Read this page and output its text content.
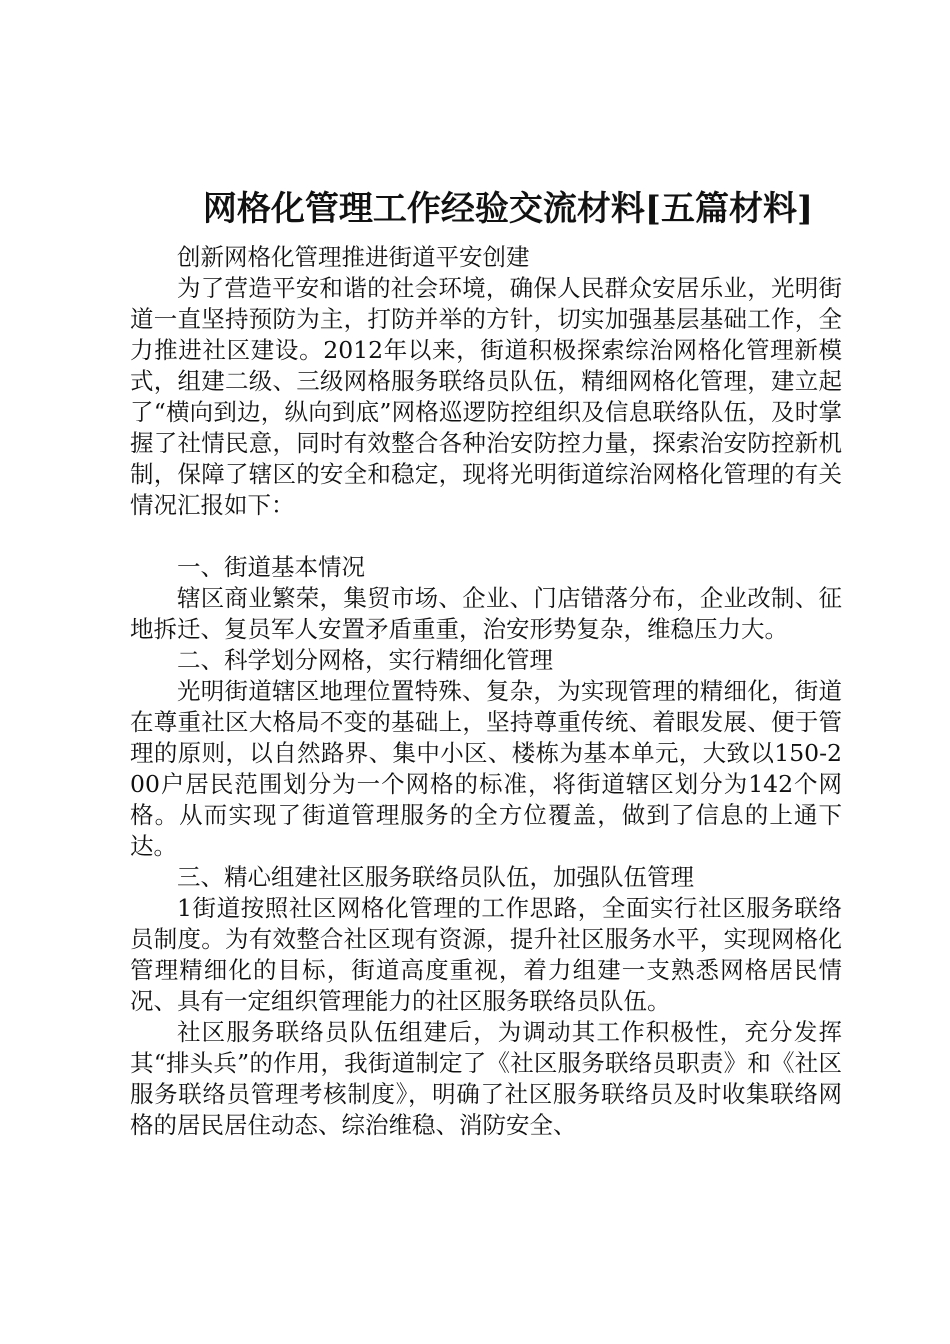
网格化管理工作经验交流材料[五篇材料]

创新网格化管理推进街道平安创建

为了营造平安和谐的社会环境，确保人民群众安居乐业，光明街道一直坚持预防为主，打防并举的方针，切实加强基层基础工作，全力推进社区建设。2012年以来，街道积极探索综治网格化管理新模式，组建二级、三级网格服务联络员队伍，精细网格化管理，建立起了“横向到边，纵向到底”网格巡逻防控组织及信息联络队伍，及时掌握了社情民意，同时有效整合各种治安防控力量，探索治安防控新机制，保障了辖区的安全和稳定，现将光明街道综治网格化管理的有关情况汇报如下：

一、街道基本情况

辖区商业繁荣，集贸市场、企业、门店错落分布，企业改制、征地拆迁、复员军人安置矛盾重重，治安形势复杂，维稳压力大。

二、科学划分网格，实行精细化管理

光明街道辖区地理位置特殊、复杂，为实现管理的精细化，街道在尊重社区大格局不变的基础上，坚持尊重传统、着眼发展、便于管理的原则，以自然路界、集中小区、楼栋为基本单元，大致以150-200户居民范围划分为一个网格的标准，将街道辖区划分为142个网格。从而实现了街道管理服务的全方位覆盖，做到了信息的上通下达。

三、精心组建社区服务联络员队伍，加强队伍管理

1街道按照社区网格化管理的工作思路，全面实行社区服务联络员制度。为有效整合社区现有资源，提升社区服务水平，实现网格化管理精细化的目标，街道高度重视，着力组建一支熟悉网格居民情况、具有一定组织管理能力的社区服务联络员队伍。

社区服务联络员队伍组建后，为调动其工作积极性，充分发挥其“排头兵”的作用，我街道制定了《社区服务联络员职责》和《社区服务联络员管理考核制度》，明确了社区服务联络员及时收集联络网格的居民居住动态、综治维稳、消防安全、
